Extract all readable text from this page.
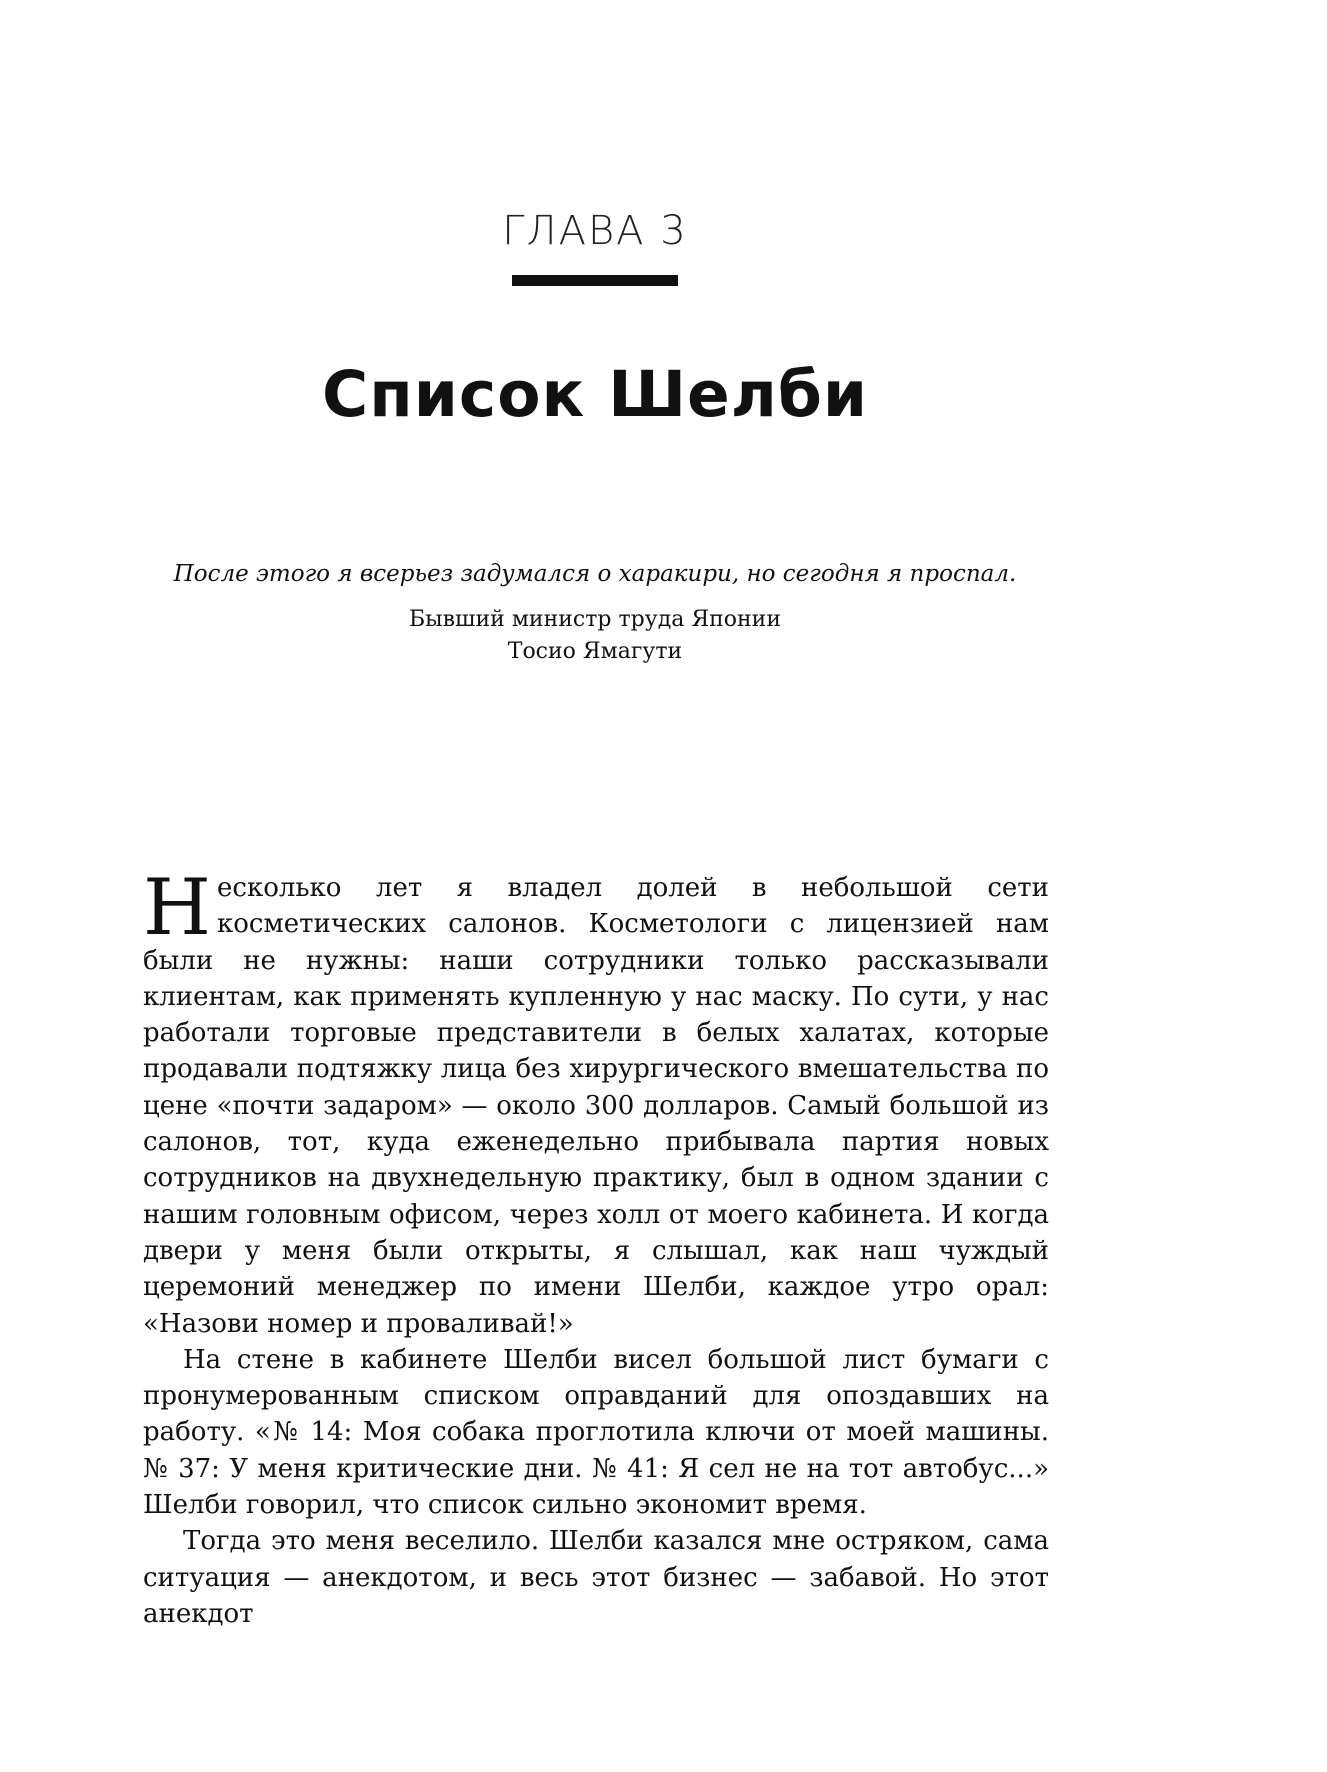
ГЛАВА 3
Список Шелби
После этого я всерьез задумался о харакири, но сегодня я проспал.
Бывший министр труда Японии
Тосио Ямагути

Несколько лет я владел долей в небольшой сети косметических салонов. Косметологи с лицензией нам были не нужны: наши сотрудники только рассказывали клиентам, как применять купленную у нас маску. По сути, у нас работали торговые представители в белых халатах, которые продавали подтяжку лица без хирургического вмешательства по цене «почти задаром» — около 300 долларов. Самый большой из салонов, тот, куда еженедельно прибывала партия новых сотрудников на двухнедельную практику, был в одном здании с нашим головным офисом, через холл от моего кабинета. И когда двери у меня были открыты, я слышал, как наш чуждый церемоний менеджер по имени Шелби, каждое утро орал: «Назови номер и проваливай!»

На стене в кабинете Шелби висел большой лист бумаги с пронумерованным списком оправданий для опоздавших на работу. «№ 14: Моя собака проглотила ключи от моей машины. № 37: У меня критические дни. № 41: Я сел не на тот автобус...» Шелби говорил, что список сильно экономит время.

Тогда это меня веселило. Шелби казался мне остряком, сама ситуация — анекдотом, и весь этот бизнес — забавой. Но этот анекдот
